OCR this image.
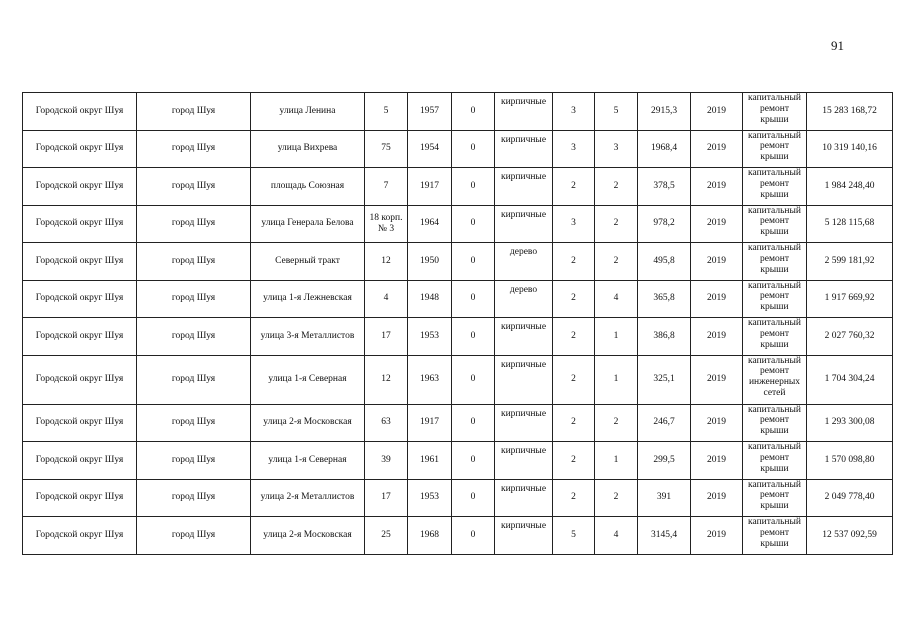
91
Городской округ Шуя	город Шуя	улица Ленина	5	1957	0	кирпичные	3	5	2915,3	2019	капитальный ремонт крыши	15 283 168,72
Городской округ Шуя	город Шуя	улица Вихрева	75	1954	0	кирпичные	3	3	1968,4	2019	капитальный ремонт крыши	10 319 140,16
Городской округ Шуя	город Шуя	площадь Союзная	7	1917	0	кирпичные	2	2	378,5	2019	капитальный ремонт крыши	1 984 248,40
Городской округ Шуя	город Шуя	улица Генерала Белова	18 корп. № 3	1964	0	кирпичные	3	2	978,2	2019	капитальный ремонт крыши	5 128 115,68
Городской округ Шуя	город Шуя	Северный тракт	12	1950	0	дерево	2	2	495,8	2019	капитальный ремонт крыши	2 599 181,92
Городской округ Шуя	город Шуя	улица 1-я Лежневская	4	1948	0	дерево	2	4	365,8	2019	капитальный ремонт крыши	1 917 669,92
Городской округ Шуя	город Шуя	улица 3-я Металлистов	17	1953	0	кирпичные	2	1	386,8	2019	капитальный ремонт крыши	2 027 760,32
Городской округ Шуя	город Шуя	улица 1-я Северная	12	1963	0	кирпичные	2	1	325,1	2019	капитальный ремонт инженерных сетей	1 704 304,24
Городской округ Шуя	город Шуя	улица 2-я Московская	63	1917	0	кирпичные	2	2	246,7	2019	капитальный ремонт крыши	1 293 300,08
Городской округ Шуя	город Шуя	улица 1-я Северная	39	1961	0	кирпичные	2	1	299,5	2019	капитальный ремонт крыши	1 570 098,80
Городской округ Шуя	город Шуя	улица 2-я Металлистов	17	1953	0	кирпичные	2	2	391	2019	капитальный ремонт крыши	2 049 778,40
Городской округ Шуя	город Шуя	улица 2-я Московская	25	1968	0	кирпичные	5	4	3145,4	2019	капитальный ремонт крыши	12 537 092,59
